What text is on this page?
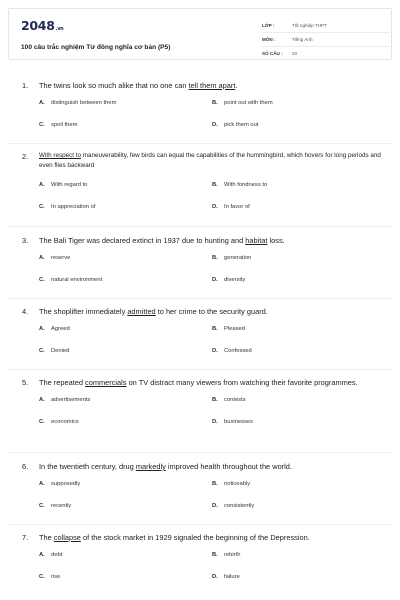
2048.vn
100 câu trắc nghiệm Từ đồng nghĩa cơ bản (P5)
LỚP :	Tốt nghiệp THPT
MÔN :	Tiếng Anh
SỐ CÂU :	20
1.	The twins look so much alike that no one can tell them apart.
A. distinguish between them	B. point out with them
C. spoil them	D. pick them out
2.	With respect to maneuverability, few birds can equal the capabilities of the hummingbird, which hovers for long periods and even flies backward
A. With regard to	B. With fondness to
C. In appreciation of	D. In favor of
3.	The Bali Tiger was declared extinct in 1937 due to hunting and habitat loss.
A. reserve	B. generation
C. natural environment	D. diversity
4.	The shoplifter immediately admitted to her crime to the security guard.
A. Agreed	B. Pleased
C. Denied	D. Confessed
5.	The repeated commercials on TV distract many viewers from watching their favorite programmes.
A. advertisements	B. contests
C. economics	D. businesses
6.	In the twentieth century, drug markedly improved health throughout the world.
A. supposedly	B. noticeably
C. recently	D. consistently
7.	The collapse of the stock market in 1929 signaled the beginning of the Depression.
A. debt	B. rebirth
C. rise	D. failure
